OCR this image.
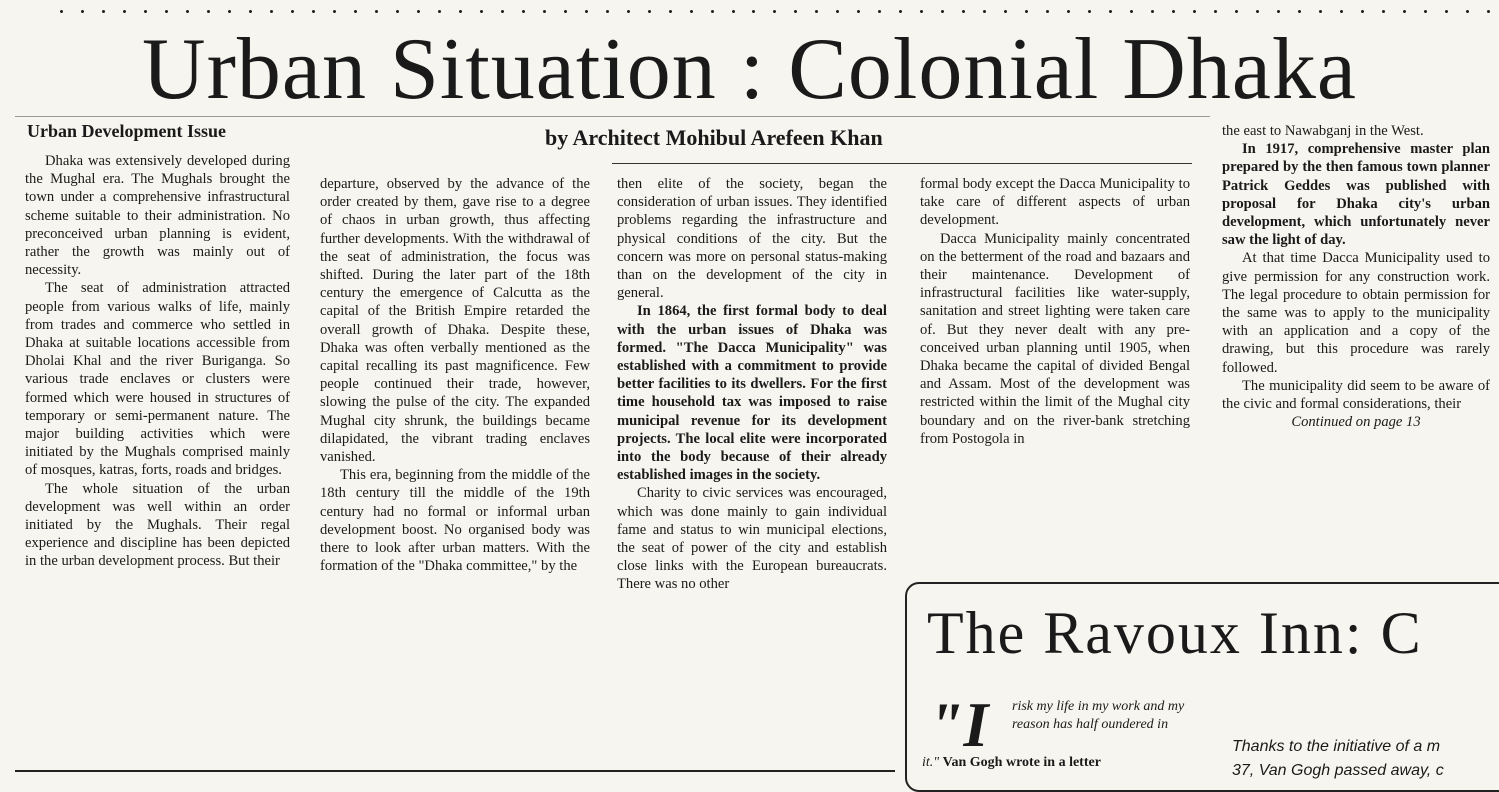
Urban Situation : Colonial Dhaka
Urban Development Issue	by Architect Mohibul Arefeen Khan

Dhaka was extensively developed during the Mughal era. The Mughals brought the town under a comprehensive infrastructural scheme suitable to their administration. No preconceived urban planning is evident, rather the growth was mainly out of necessity.

The seat of administration attracted people from various walks of life, mainly from trades and commerce who settled in Dhaka at suitable locations accessible from Dholai Khal and the river Buriganga. So various trade enclaves or clusters were formed which were housed in structures of temporary or semi-permanent nature. The major building activities which were initiated by the Mughals comprised mainly of mosques, katras, forts, roads and bridges.

The whole situation of the urban development was well within an order initiated by the Mughals. Their regal experience and discipline has been depicted in the urban development process. But their

departure, observed by the advance of the order created by them, gave rise to a degree of chaos in urban growth, thus affecting further developments. With the withdrawal of the seat of administration, the focus was shifted. During the later part of the 18th century the emergence of Calcutta as the capital of the British Empire retarded the overall growth of Dhaka. Despite these, Dhaka was often verbally mentioned as the capital recalling its past magnificence. Few people continued their trade, however, slowing the pulse of the city. The expanded Mughal city shrunk, the buildings became dilapidated, the vibrant trading enclaves vanished.

This era, beginning from the middle of the 18th century till the middle of the 19th century had no formal or informal urban development boost. No organised body was there to look after urban matters. With the formation of the "Dhaka committee," by the

then elite of the society, began the consideration of urban issues. They identified problems regarding the infrastructure and physical conditions of the city. But the concern was more on personal status-making than on the development of the city in general.

In 1864, the first formal body to deal with the urban issues of Dhaka was formed. "The Dacca Municipality" was established with a commitment to provide better facilities to its dwellers. For the first time household tax was imposed to raise municipal revenue for its development projects. The local elite were incorporated into the body because of their already established images in the society.

Charity to civic services was encouraged, which was done mainly to gain individual fame and status to win municipal elections, the seat of power of the city and establish close links with the European bureaucrats. There was no other

formal body except the Dacca Municipality to take care of different aspects of urban development.

Dacca Municipality mainly concentrated on the betterment of the road and bazaars and their maintenance. Development of infrastructural facilities like water-supply, sanitation and street lighting were taken care of. But they never dealt with any pre-conceived urban planning until 1905, when Dhaka became the capital of divided Bengal and Assam. Most of the development was restricted within the limit of the Mughal city boundary and on the river-bank stretching from Postogola in

the east to Nawabganj in the West.

In 1917, comprehensive master plan prepared by the then famous town planner Patrick Geddes was published with proposal for Dhaka city's urban development, which unfortunately never saw the light of day.

At that time Dacca Municipality used to give permission for any construction work. The legal procedure to obtain permission for the same was to apply to the municipality with an application and a copy of the drawing, but this procedure was rarely followed.

The municipality did seem to be aware of the civic and formal considerations, their

Continued on page 13

The Ravoux Inn: C
"I risk my life in my work and my reason has half oundered in

it." Van Gogh wrote in a letter

Thanks to the initiative of a m

37, Van Gogh passed away, c
